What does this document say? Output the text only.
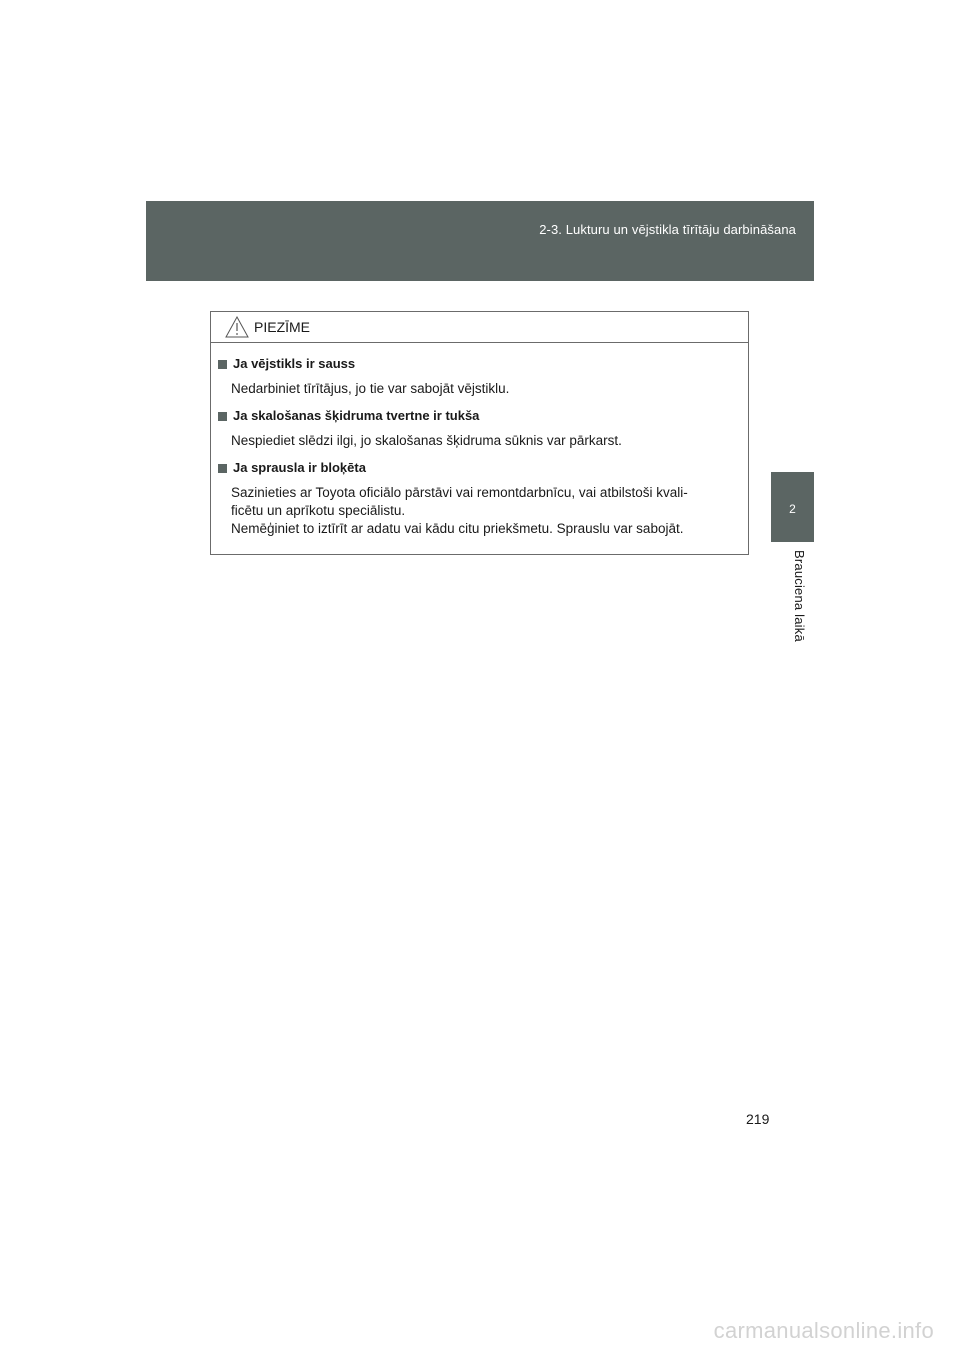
2-3. Lukturu un vējstikla tīrītāju darbināšana
2
Brauciena laikā
PIEZĪME
Ja vējstikls ir sauss
Nedarbiniet tīrītājus, jo tie var sabojāt vējstiklu.
Ja skalošanas šķidruma tvertne ir tukša
Nespiediet slēdzi ilgi, jo skalošanas šķidruma sūknis var pārkarst.
Ja sprausla ir bloķēta
Sazinieties ar Toyota oficiālo pārstāvi vai remontdarbnīcu, vai atbilstoši kvali-
ficētu un aprīkotu speciālistu.
Nemēģiniet to iztīrīt ar adatu vai kādu citu priekšmetu. Sprauslu var sabojāt.
219
carmanualsonline.info
